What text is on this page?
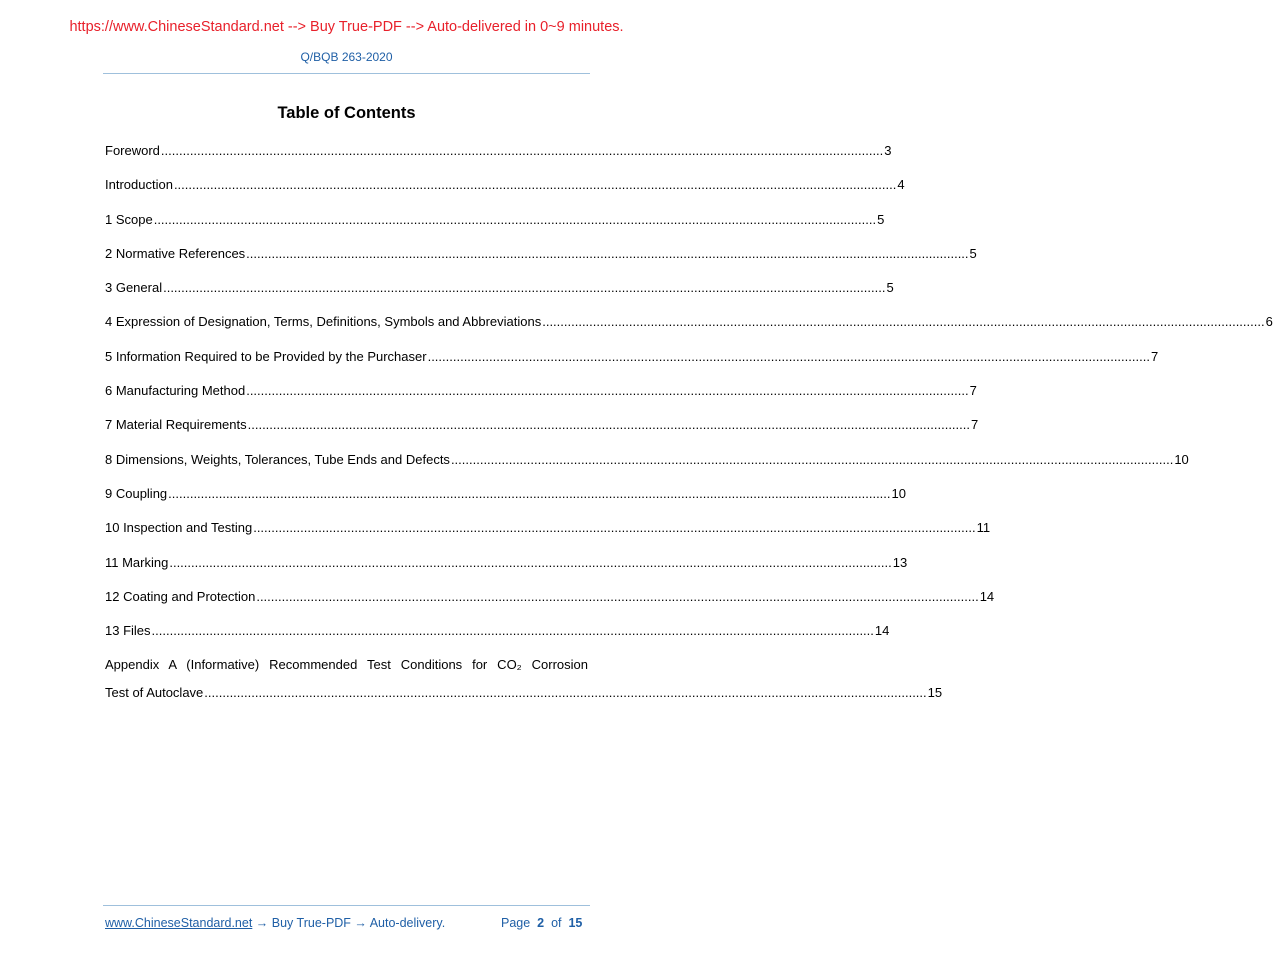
https://www.ChineseStandard.net --> Buy True-PDF --> Auto-delivered in 0~9 minutes.
Q/BQB 263-2020
Table of Contents
Foreword ........................................................................................................................................................................................................ 3
Introduction ........................................................................................................................................................................................................ 4
1 Scope ........................................................................................................................................................................................................ 5
2 Normative References ........................................................................................................................................................................................................ 5
3 General ........................................................................................................................................................................................................ 5
4 Expression of Designation, Terms, Definitions, Symbols and Abbreviations ........................................................................................................................................................................................................ 6
5 Information Required to be Provided by the Purchaser ........................................................................................................................................................................................................ 7
6 Manufacturing Method ........................................................................................................................................................................................................ 7
7 Material Requirements ........................................................................................................................................................................................................ 7
8 Dimensions, Weights, Tolerances, Tube Ends and Defects ........................................................................................................................................................................................................ 10
9 Coupling ........................................................................................................................................................................................................ 10
10 Inspection and Testing ........................................................................................................................................................................................................ 11
11 Marking ........................................................................................................................................................................................................ 13
12 Coating and Protection ........................................................................................................................................................................................................ 14
13 Files ........................................................................................................................................................................................................ 14
Appendix A (Informative) Recommended Test Conditions for CO₂ Corrosion
Test of Autoclave ........................................................................................................................................................................................................ 15
www.ChineseStandard.net → Buy True-PDF → Auto-delivery.	Page 2 of 15
